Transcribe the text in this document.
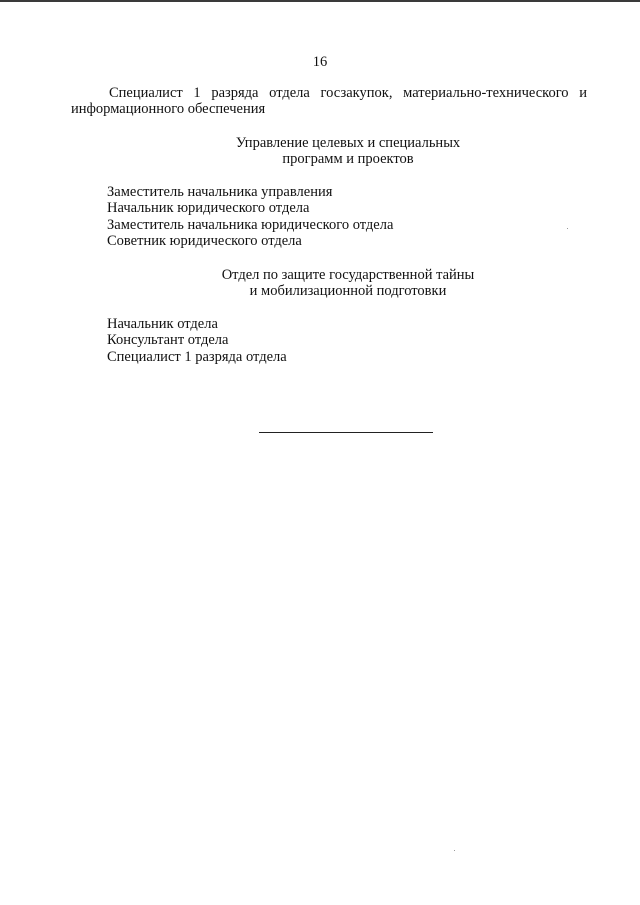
16
Специалист 1 разряда отдела госзакупок, материально-технического и
информационного обеспечения
Управление целевых и специальных
программ и проектов
Заместитель начальника управления
Начальник юридического отдела
Заместитель начальника юридического отдела
Советник юридического отдела
Отдел по защите государственной тайны
и мобилизационной подготовки
Начальник отдела
Консультант отдела
Специалист 1 разряда отдела
